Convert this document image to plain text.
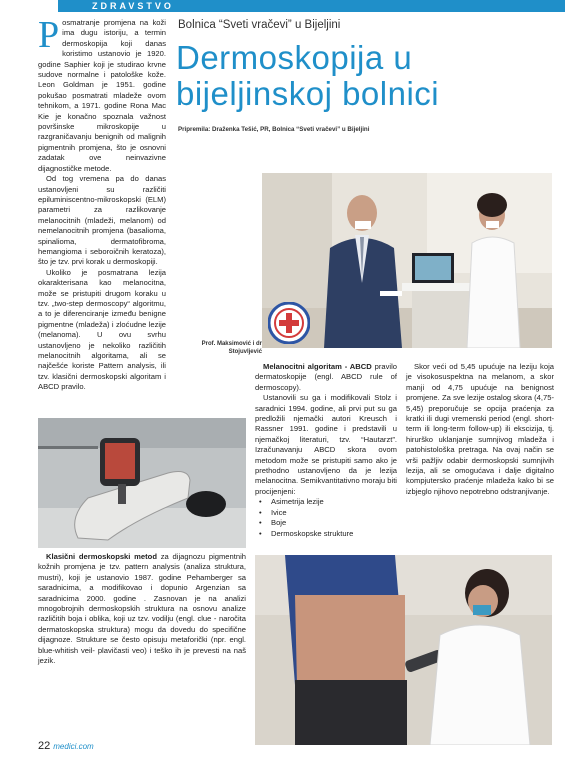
ZDRAVSTVO

Posmatranje promjena na koži ima dugu istoriju, a termin dermoskopija koji danas koristimo ustanovio je 1920. godine Saphier koji je studirao krvne sudove normalne i patološke kože. Leon Goldman je 1951. godine pokušao posmatrati mladeže ovom tehnikom, a 1971. godine Rona Mac Kie je konačno spoznala važnost površinske mikroskopije u razgraničavanju benignih od malignih pigmentnih promjena, što je osnovni zadatak ove neinvazivne dijagnostičke metode.

Od tog vremena pa do danas ustanovljeni su različiti epiluminiscentno-mikroskopski (ELM) parametri za razlikovanje melanocitnih (mladeži, melanom) od nemelanocitnih promjena (basalioma, spinalioma, dermatofibroma, hemangioma i seboroičnih keratoza), što je tzv. prvi korak u dermoskopiji.

Ukoliko je posmatrana lezija okarakterisana kao melanocitna, može se pristupiti drugom koraku u tzv. „two-step dermoscopy“ algoritmu, a to je diferenciranje između benigne pigmentne (mladeža) i zloćudne lezije (melanoma). U ovu svrhu ustanovljeno je nekoliko različitih melanocitnih algoritama, ali se najčešće koriste Pattern analysis, ili tzv. klasični dermoskopski algoritam i ABCD pravilo.

Bolnica “Sveti vračevi” u Bijeljini
Dermoskopija u
bijeljinskoj bolnici
Pripremila: Draženka Tešić, PR, Bolnica “Sveti vračevi” u Bijeljini
Prof. Maksimović i dr Stojuvljević

Melanocitni algoritam - ABCD pravilo dermatoskopije (engl. ABCD rule of dermoscopy).

Ustanovili su ga i modifikovali Stolz i saradnici 1994. godine, ali prvi put su ga predložili njemački autori Kreusch i Rassner 1991. godine i predstavili u njemačkoj literaturi, tzv. “Hautarzt”. Izračunavanju ABCD skora ovom metodom može se pristupiti samo ako je prethodno ustanovljeno da je lezija melanocitna. Semikvantitativno moraju biti procijenjeni:

• Asimetrija lezije
• Ivice
• Boje
• Dermoskopske strukture

Skor veći od 5,45 upućuje na leziju koja je visokosuspektna na melanom, a skor manji od 4,75 upućuje na benignost promjene. Za sve lezije ostalog skora (4,75-5,45) preporučuje se opcija praćenja za kratki ili dugi vremenski period (engl. short-term ili long-term follow-up) ili ekscizija, tj. hirurško uklanjanje sumnjivog mladeža i patohistološka pretraga. Na ovaj način se vrši pažljiv odabir dermoskopski sumnjivih lezija, ali se omogućava i dalje digitalno kompjutersko praćenje mladeža kako bi se izbjeglo njihovo nepotrebno odstranjivanje.

Klasični dermoskopski metod za dijagnozu pigmentnih kožnih promjena je tzv. pattern analysis (analiza struktura, mustri), koji je ustanovio 1987. godine Pehamberger sa saradnicima, a modifikovao i dopunio Argenzian sa saradnicima 2000. godine . Zasnovan je na analizi mnogobrojnih dermoskopskih struktura na osnovu analize različitih boja i oblika, koji uz tzv. vodilju (engl. clue - naročita dermatoskopska struktura) mogu da dovedu do specifične dijagnoze. Strukture se često opisuju metaforički (npr. engl. blue-whitish veil- plavičasti veo) i teško ih je prevesti na naš jezik.

22 medici.com
